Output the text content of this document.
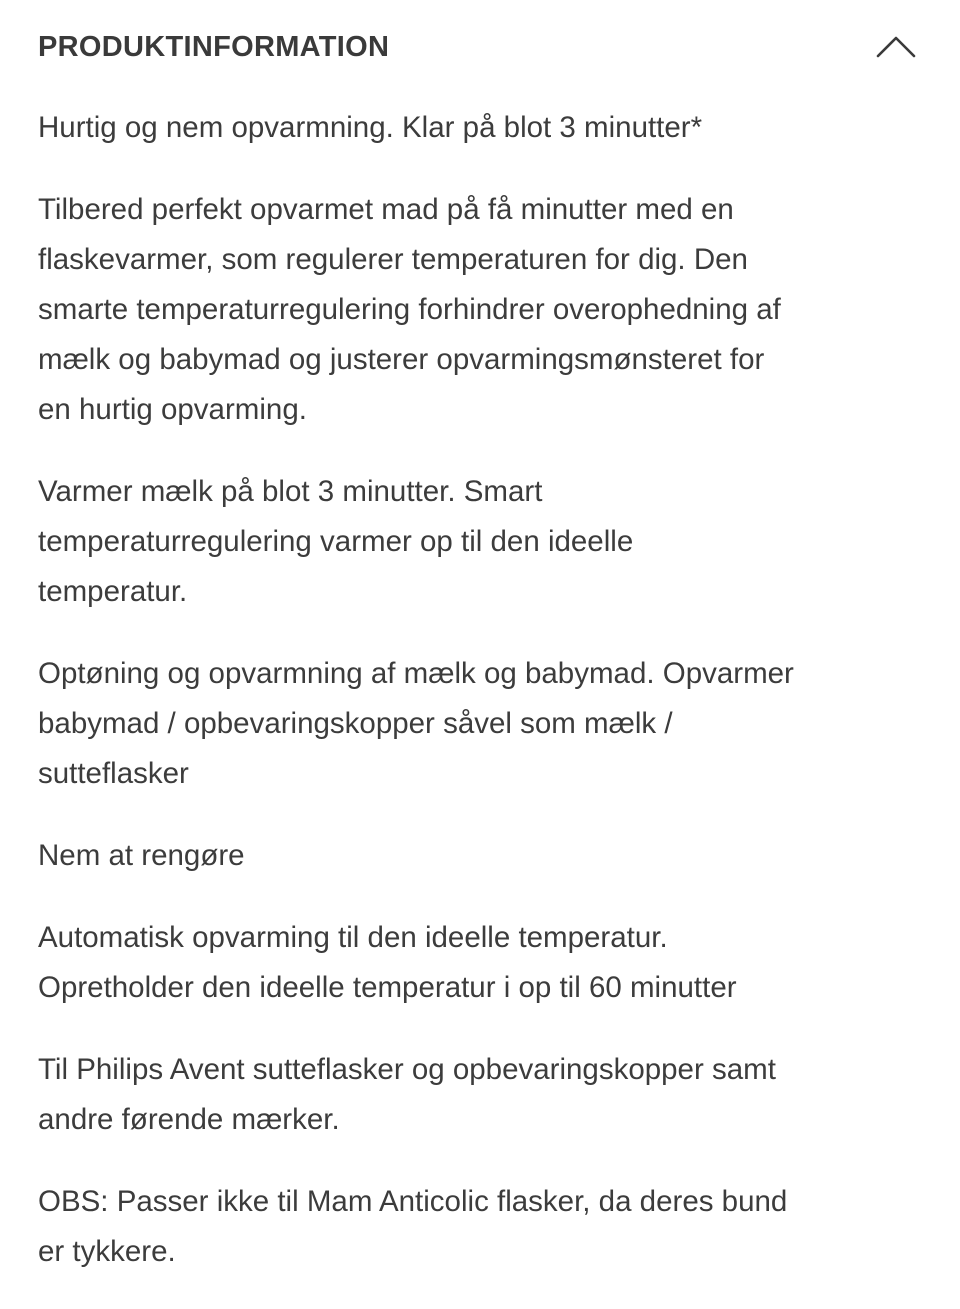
PRODUKTINFORMATION

Hurtig og nem opvarmning. Klar på blot 3 minutter*

Tilbered perfekt opvarmet mad på få minutter med en
flaskevarmer, som regulerer temperaturen for dig. Den
smarte temperaturregulering forhindrer overophedning af
mælk og babymad og justerer opvarmingsmønsteret for
en hurtig opvarming.

Varmer mælk på blot 3 minutter. Smart
temperaturregulering varmer op til den ideelle
temperatur.

Optøning og opvarmning af mælk og babymad. Opvarmer
babymad / opbevaringskopper såvel som mælk /
sutteflasker

Nem at rengøre

Automatisk opvarming til den ideelle temperatur.
Opretholder den ideelle temperatur i op til 60 minutter

Til Philips Avent sutteflasker og opbevaringskopper samt
andre førende mærker.

OBS: Passer ikke til Mam Anticolic flasker, da deres bund
er tykkere.
